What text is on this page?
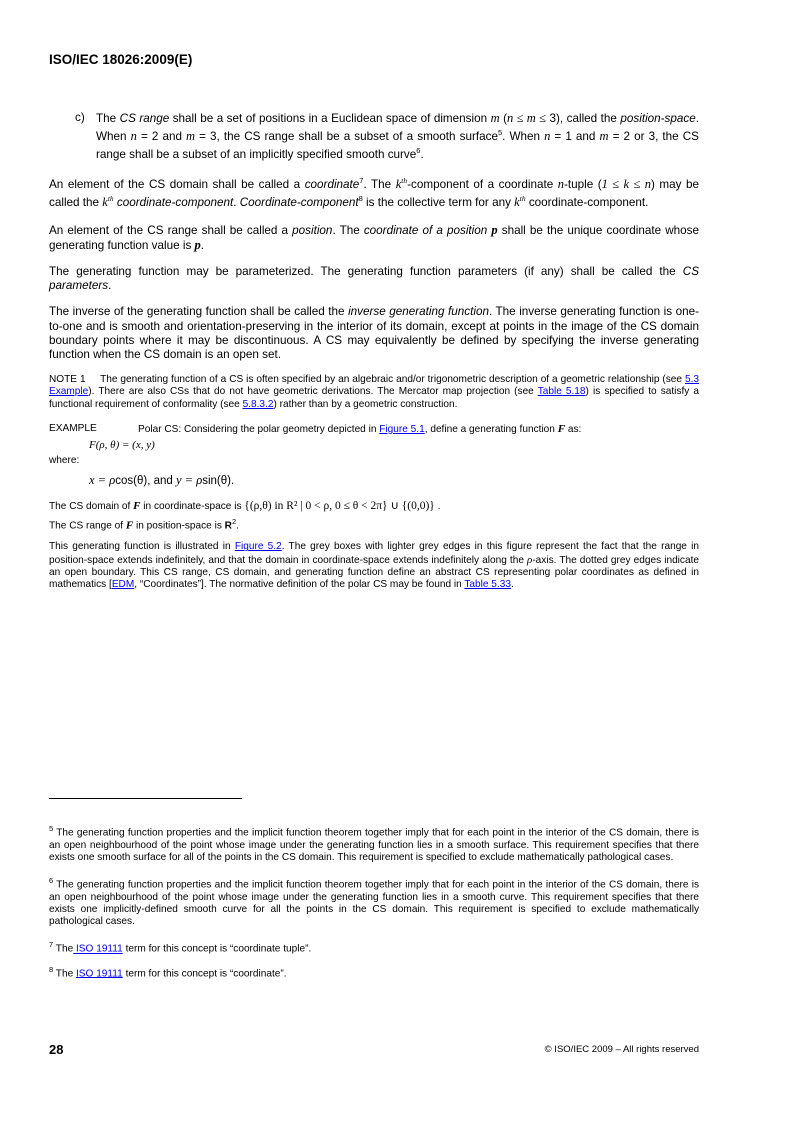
ISO/IEC 18026:2009(E)
c) The CS range shall be a set of positions in a Euclidean space of dimension m (n ≤ m ≤ 3), called the position-space. When n = 2 and m = 3, the CS range shall be a subset of a smooth surface$^5$. When n = 1 and m = 2 or 3, the CS range shall be a subset of an implicitly specified smooth curve$^6$.

An element of the CS domain shall be called a coordinate$^7$. The $k^{th}$-component of a coordinate n-tuple (1 ≤ k ≤ n) may be called the $k^{th}$ coordinate-component. Coordinate-component$^8$ is the collective term for any $k^{th}$ coordinate-component.

An element of the CS range shall be called a position. The coordinate of a position p shall be the unique coordinate whose generating function value is p.

The generating function may be parameterized. The generating function parameters (if any) shall be called the CS parameters.

The inverse of the generating function shall be called the inverse generating function. The inverse generating function is one-to-one and is smooth and orientation-preserving in the interior of its domain, except at points in the image of the CS domain boundary points where it may be discontinuous. A CS may equivalently be defined by specifying the inverse generating function when the CS domain is an open set.

NOTE 1 The generating function of a CS is often specified by an algebraic and/or trigonometric description of a geometric relationship (see 5.3 Example). There are also CSs that do not have geometric derivations. The Mercator map projection (see Table 5.18) is specified to satisfy a functional requirement of conformality (see 5.8.3.2) rather than by a geometric construction.

EXAMPLE	Polar CS: Considering the polar geometry depicted in Figure 5.1, define a generating function F as:
F(ρ, θ) = (x, y)
where:
x = ρcos(θ), and y = ρsin(θ).
The CS domain of F in coordinate-space is {(ρ,θ) in R² | 0 < ρ, 0 ≤ θ < 2π} ∪ {(0,0)} .
The CS range of F in position-space is $R^2$.

This generating function is illustrated in Figure 5.2. The grey boxes with lighter grey edges in this figure represent the fact that the range in position-space extends indefinitely, and that the domain in coordinate-space extends indefinitely along the ρ-axis. The dotted grey edges indicate an open boundary. This CS range, CS domain, and generating function define an abstract CS representing polar coordinates as defined in mathematics [EDM, “Coordinates”]. The normative definition of the polar CS may be found in Table 5.33.

$^5$ The generating function properties and the implicit function theorem together imply that for each point in the interior of the CS domain, there is an open neighbourhood of the point whose image under the generating function lies in a smooth surface. This requirement specifies that there exists one smooth surface for all of the points in the CS domain. This requirement is specified to exclude mathematically pathological cases.

$^6$ The generating function properties and the implicit function theorem together imply that for each point in the interior of the CS domain, there is an open neighbourhood of the point whose image under the generating function lies in a smooth curve. This requirement specifies that there exists one implicitly-defined smooth curve for all the points in the CS domain. This requirement is specified to exclude mathematically pathological cases.

$^7$ The ISO 19111 term for this concept is “coordinate tuple”.

$^8$ The ISO 19111 term for this concept is “coordinate”.

28	© ISO/IEC 2009 – All rights reserved
